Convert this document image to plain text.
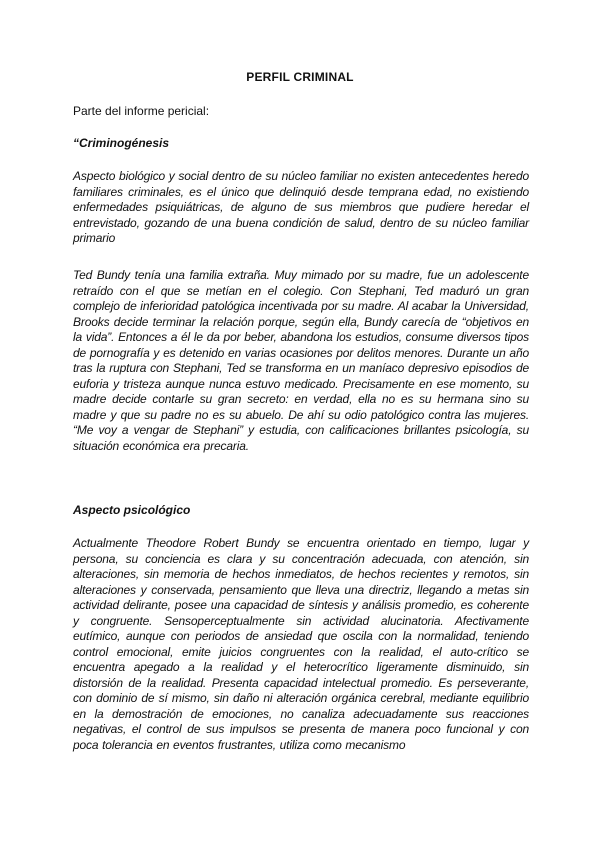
PERFIL CRIMINAL
Parte del informe pericial:
“Criminogénesis
Aspecto biológico y social dentro de su núcleo familiar no existen antecedentes heredo familiares criminales, es el único que delinquió desde temprana edad, no existiendo enfermedades psiquiátricas, de alguno de sus miembros que pudiere heredar el entrevistado, gozando de una buena condición de salud, dentro de su núcleo familiar primario
Ted Bundy tenía una familia extraña. Muy mimado por su madre, fue un adolescente retraído con el que se metían en el colegio. Con Stephani, Ted maduró un gran complejo de inferioridad patológica incentivada por su madre. Al acabar la Universidad, Brooks decide terminar la relación porque, según ella, Bundy carecía de “objetivos en la vida”. Entonces a él le da por beber, abandona los estudios, consume diversos tipos de pornografía y es detenido en varias ocasiones por delitos menores. Durante un año tras la ruptura con Stephani, Ted se transforma en un maníaco depresivo episodios de euforia y tristeza aunque nunca estuvo medicado. Precisamente en ese momento, su madre decide contarle su gran secreto: en verdad, ella no es su hermana sino su madre y que su padre no es su abuelo. De ahí su odio patológico contra las mujeres. “Me voy a vengar de Stephani” y estudia, con calificaciones brillantes psicología, su situación económica era precaria.
Aspecto psicológico
Actualmente Theodore Robert Bundy se encuentra orientado en tiempo, lugar y persona, su conciencia es clara y su concentración adecuada, con atención, sin alteraciones, sin memoria de hechos inmediatos, de hechos recientes y remotos, sin alteraciones y conservada, pensamiento que lleva una directriz, llegando a metas sin actividad delirante, posee una capacidad de síntesis y análisis promedio, es coherente y congruente. Sensoperceptualmente sin actividad alucinatoria. Afectivamente eutímico, aunque con periodos de ansiedad que oscila con la normalidad, teniendo control emocional, emite juicios congruentes con la realidad, el auto-crítico se encuentra apegado a la realidad y el heterocrítico ligeramente disminuido, sin distorsión de la realidad. Presenta capacidad intelectual promedio. Es perseverante, con dominio de sí mismo, sin daño ni alteración orgánica cerebral, mediante equilibrio en la demostración de emociones, no canaliza adecuadamente sus reacciones negativas, el control de sus impulsos se presenta de manera poco funcional y con poca tolerancia en eventos frustrantes, utiliza como mecanismo
